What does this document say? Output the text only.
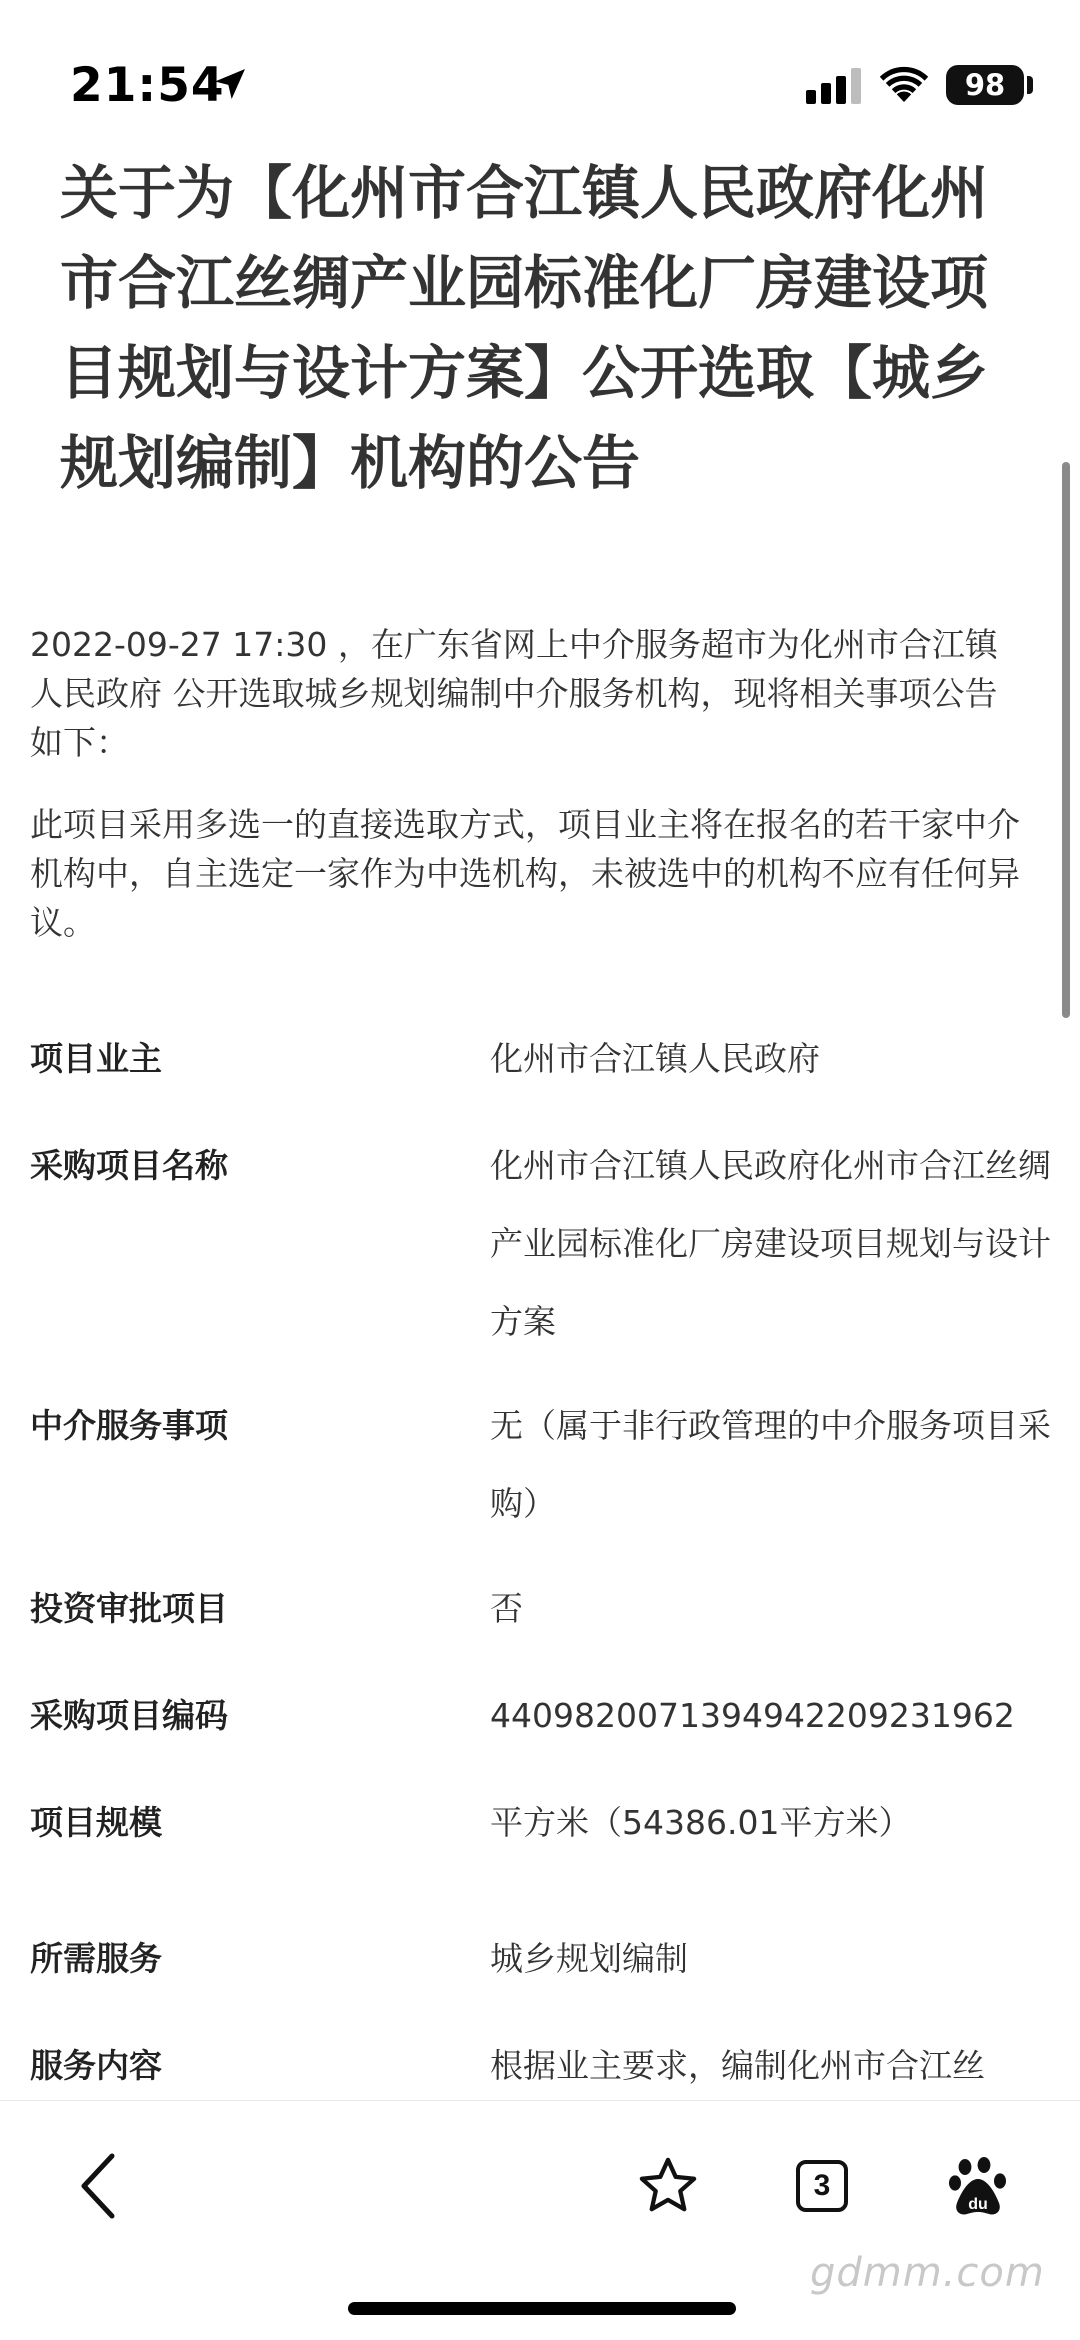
21:54	98
关于为【化州市合江镇人民政府化州市合江丝绸产业园标准化厂房建设项目规划与设计方案】公开选取【城乡规划编制】机构的公告

2022-09-27 17:30 ，在广东省网上中介服务超市为化州市合江镇人民政府 公开选取城乡规划编制中介服务机构，现将相关事项公告如下：

此项目采用多选一的直接选取方式，项目业主将在报名的若干家中介机构中，自主选定一家作为中选机构，未被选中的机构不应有任何异议。

项目业主	化州市合江镇人民政府
采购项目名称	化州市合江镇人民政府化州市合江丝绸产业园标准化厂房建设项目规划与设计方案
中介服务事项	无（属于非行政管理的中介服务项目采购）
投资审批项目	否
采购项目编码	44098200713949422092319​62
项目规模	平方米（54386.01平方米）
所需服务	城乡规划编制
服务内容	根据业主要求，编制化州市合江丝
3
du
gdmm.com
